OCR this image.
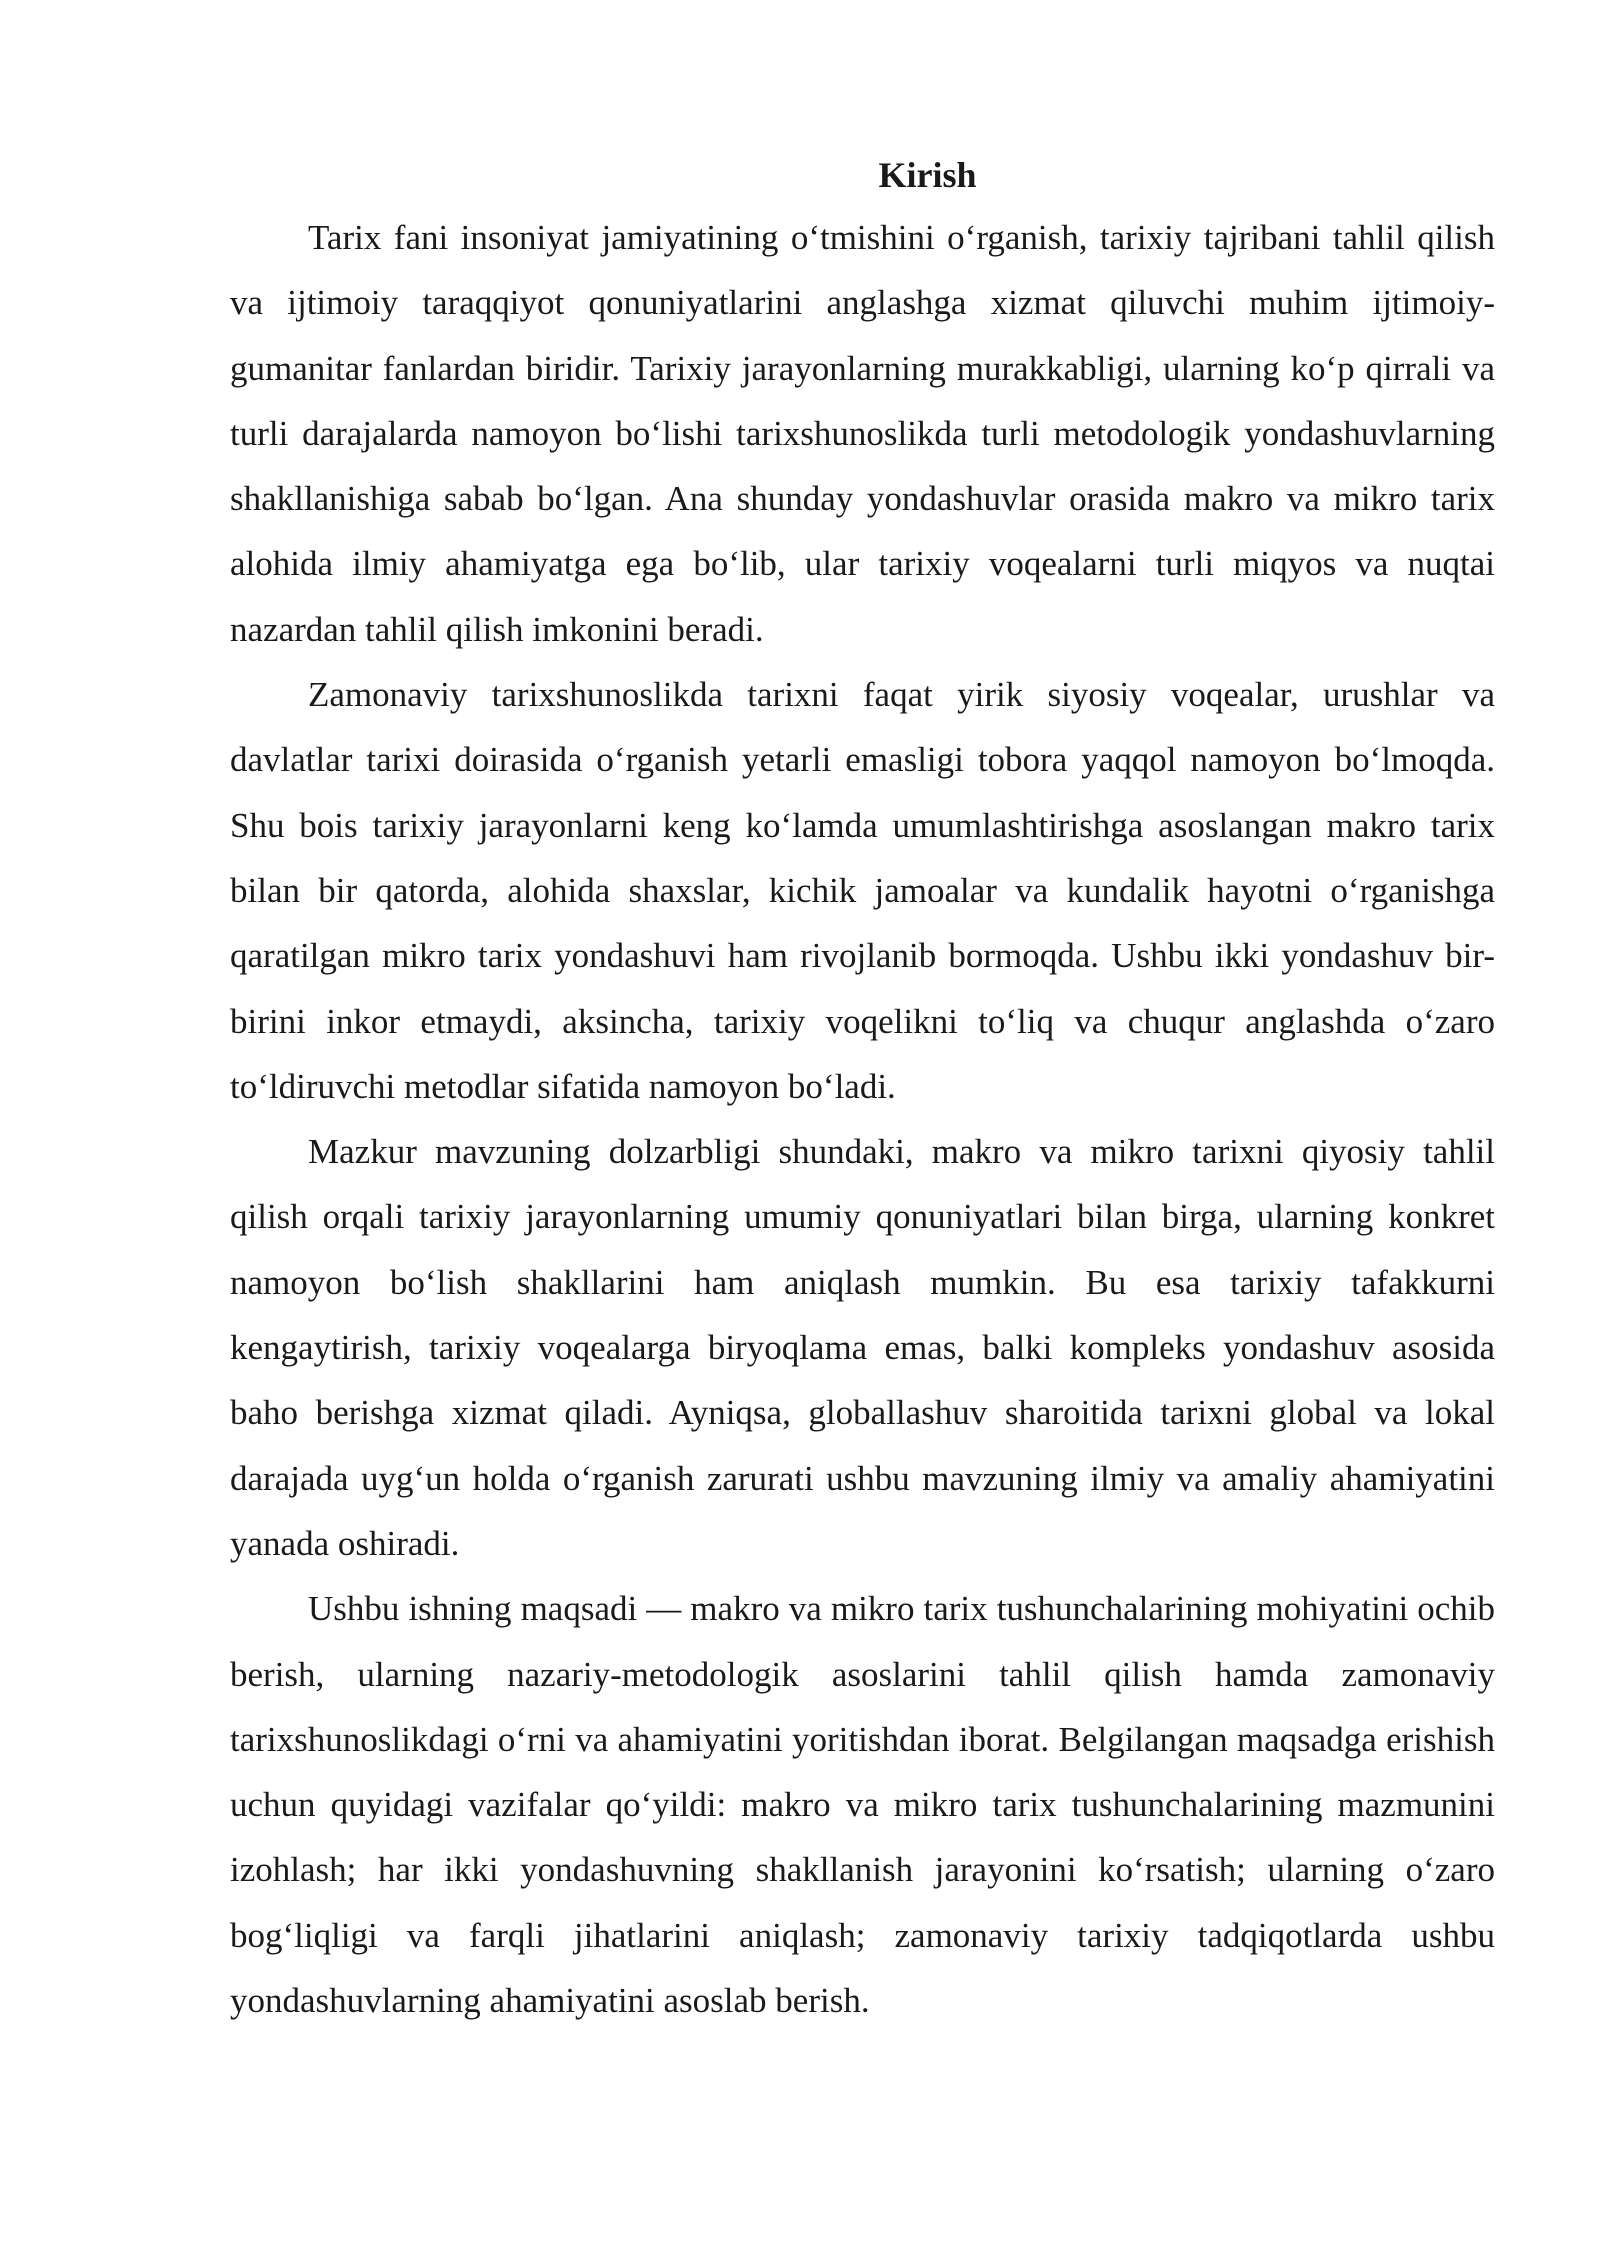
Kirish

Tarix fani insoniyat jamiyatining o‘tmishini o‘rganish, tarixiy tajribani tahlil qilish va ijtimoiy taraqqiyot qonuniyatlarini anglashga xizmat qiluvchi muhim ijtimoiy-gumanitar fanlardan biridir. Tarixiy jarayonlarning murakkabligi, ularning ko‘p qirrali va turli darajalarda namoyon bo‘lishi tarixshunoslikda turli metodologik yondashuvlarning shakllanishiga sabab bo‘lgan. Ana shunday yondashuvlar orasida makro va mikro tarix alohida ilmiy ahamiyatga ega bo‘lib, ular tarixiy voqealarni turli miqyos va nuqtai nazardan tahlil qilish imkonini beradi.

Zamonaviy tarixshunoslikda tarixni faqat yirik siyosiy voqealar, urushlar va davlatlar tarixi doirasida o‘rganish yetarli emasligi tobora yaqqol namoyon bo‘lmoqda. Shu bois tarixiy jarayonlarni keng ko‘lamda umumlashtirishga asoslangan makro tarix bilan bir qatorda, alohida shaxslar, kichik jamoalar va kundalik hayotni o‘rganishga qaratilgan mikro tarix yondashuvi ham rivojlanib bormoqda. Ushbu ikki yondashuv bir-birini inkor etmaydi, aksincha, tarixiy voqelikni to‘liq va chuqur anglashda o‘zaro to‘ldiruvchi metodlar sifatida namoyon bo‘ladi.

Mazkur mavzuning dolzarbligi shundaki, makro va mikro tarixni qiyosiy tahlil qilish orqali tarixiy jarayonlarning umumiy qonuniyatlari bilan birga, ularning konkret namoyon bo‘lish shakllarini ham aniqlash mumkin. Bu esa tarixiy tafakkurni kengaytirish, tarixiy voqealarga biryoqlama emas, balki kompleks yondashuv asosida baho berishga xizmat qiladi. Ayniqsa, globallashuv sharoitida tarixni global va lokal darajada uyg‘un holda o‘rganish zarurati ushbu mavzuning ilmiy va amaliy ahamiyatini yanada oshiradi.

Ushbu ishning maqsadi — makro va mikro tarix tushunchalarining mohiyatini ochib berish, ularning nazariy-metodologik asoslarini tahlil qilish hamda zamonaviy tarixshunoslikdagi o‘rni va ahamiyatini yoritishdan iborat. Belgilangan maqsadga erishish uchun quyidagi vazifalar qo‘yildi: makro va mikro tarix tushunchalarining mazmunini izohlash; har ikki yondashuvning shakllanish jarayonini ko‘rsatish; ularning o‘zaro bog‘liqligi va farqli jihatlarini aniqlash; zamonaviy tarixiy tadqiqotlarda ushbu yondashuvlarning ahamiyatini asoslab berish.
